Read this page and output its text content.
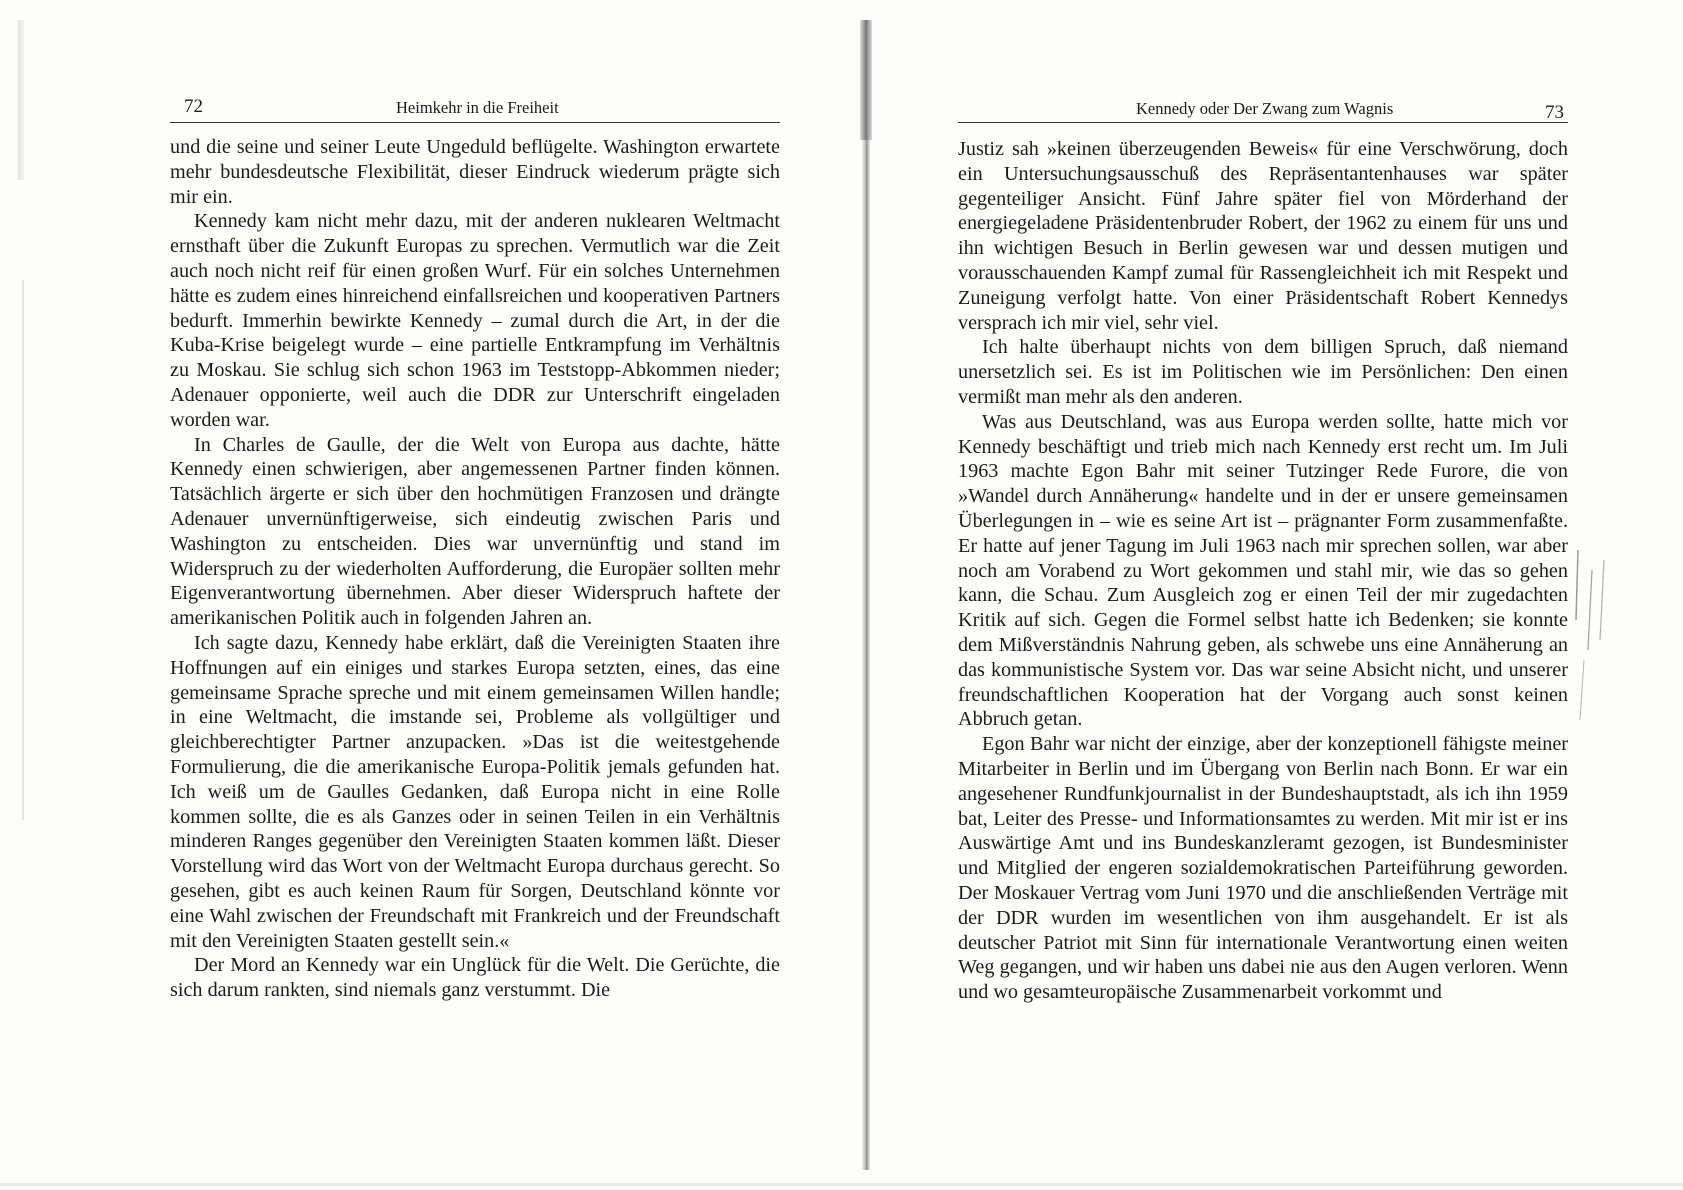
72	Heimkehr in die Freiheit

und die seine und seiner Leute Ungeduld beflügelte. Washington erwartete mehr bundesdeutsche Flexibilität, dieser Eindruck wiederum prägte sich mir ein.

Kennedy kam nicht mehr dazu, mit der anderen nuklearen Weltmacht ernsthaft über die Zukunft Europas zu sprechen. Vermutlich war die Zeit auch noch nicht reif für einen großen Wurf. Für ein solches Unternehmen hätte es zudem eines hinreichend einfallsreichen und kooperativen Partners bedurft. Immerhin bewirkte Kennedy – zumal durch die Art, in der die Kuba-Krise beigelegt wurde – eine partielle Entkrampfung im Verhältnis zu Moskau. Sie schlug sich schon 1963 im Teststopp-Abkommen nieder; Adenauer opponierte, weil auch die DDR zur Unterschrift eingeladen worden war.

In Charles de Gaulle, der die Welt von Europa aus dachte, hätte Kennedy einen schwierigen, aber angemessenen Partner finden können. Tatsächlich ärgerte er sich über den hochmütigen Franzosen und drängte Adenauer unvernünftigerweise, sich eindeutig zwischen Paris und Washington zu entscheiden. Dies war unvernünftig und stand im Widerspruch zu der wiederholten Aufforderung, die Europäer sollten mehr Eigenverantwortung übernehmen. Aber dieser Widerspruch haftete der amerikanischen Politik auch in folgenden Jahren an.

Ich sagte dazu, Kennedy habe erklärt, daß die Vereinigten Staaten ihre Hoffnungen auf ein einiges und starkes Europa setzten, eines, das eine gemeinsame Sprache spreche und mit einem gemeinsamen Willen handle; in eine Weltmacht, die imstande sei, Probleme als vollgültiger und gleichberechtigter Partner anzupacken. »Das ist die weitestgehende Formulierung, die die amerikanische Europa-Politik jemals gefunden hat. Ich weiß um de Gaulles Gedanken, daß Europa nicht in eine Rolle kommen sollte, die es als Ganzes oder in seinen Teilen in ein Verhältnis minderen Ranges gegenüber den Vereinigten Staaten kommen läßt. Dieser Vorstellung wird das Wort von der Weltmacht Europa durchaus gerecht. So gesehen, gibt es auch keinen Raum für Sorgen, Deutschland könnte vor eine Wahl zwischen der Freundschaft mit Frankreich und der Freundschaft mit den Vereinigten Staaten gestellt sein.«

Der Mord an Kennedy war ein Unglück für die Welt. Die Gerüchte, die sich darum rankten, sind niemals ganz verstummt. Die

Kennedy oder Der Zwang zum Wagnis	73

Justiz sah »keinen überzeugenden Beweis« für eine Verschwörung, doch ein Untersuchungsausschuß des Repräsentantenhauses war später gegenteiliger Ansicht. Fünf Jahre später fiel von Mörderhand der energiegeladene Präsidentenbruder Robert, der 1962 zu einem für uns und ihn wichtigen Besuch in Berlin gewesen war und dessen mutigen und vorausschauenden Kampf zumal für Rassengleichheit ich mit Respekt und Zuneigung verfolgt hatte. Von einer Präsidentschaft Robert Kennedys versprach ich mir viel, sehr viel.

Ich halte überhaupt nichts von dem billigen Spruch, daß niemand unersetzlich sei. Es ist im Politischen wie im Persönlichen: Den einen vermißt man mehr als den anderen.

Was aus Deutschland, was aus Europa werden sollte, hatte mich vor Kennedy beschäftigt und trieb mich nach Kennedy erst recht um. Im Juli 1963 machte Egon Bahr mit seiner Tutzinger Rede Furore, die von »Wandel durch Annäherung« handelte und in der er unsere gemeinsamen Überlegungen in – wie es seine Art ist – prägnanter Form zusammenfaßte. Er hatte auf jener Tagung im Juli 1963 nach mir sprechen sollen, war aber noch am Vorabend zu Wort gekommen und stahl mir, wie das so gehen kann, die Schau. Zum Ausgleich zog er einen Teil der mir zugedachten Kritik auf sich. Gegen die Formel selbst hatte ich Bedenken; sie konnte dem Mißverständnis Nahrung geben, als schwebe uns eine Annäherung an das kommunistische System vor. Das war seine Absicht nicht, und unserer freundschaftlichen Kooperation hat der Vorgang auch sonst keinen Abbruch getan.

Egon Bahr war nicht der einzige, aber der konzeptionell fähigste meiner Mitarbeiter in Berlin und im Übergang von Berlin nach Bonn. Er war ein angesehener Rundfunkjournalist in der Bundeshauptstadt, als ich ihn 1959 bat, Leiter des Presse- und Informationsamtes zu werden. Mit mir ist er ins Auswärtige Amt und ins Bundeskanzleramt gezogen, ist Bundesminister und Mitglied der engeren sozialdemokratischen Parteiführung geworden. Der Moskauer Vertrag vom Juni 1970 und die anschließenden Verträge mit der DDR wurden im wesentlichen von ihm ausgehandelt. Er ist als deutscher Patriot mit Sinn für internationale Verantwortung einen weiten Weg gegangen, und wir haben uns dabei nie aus den Augen verloren. Wenn und wo gesamteuropäische Zusammenarbeit vorkommt und
